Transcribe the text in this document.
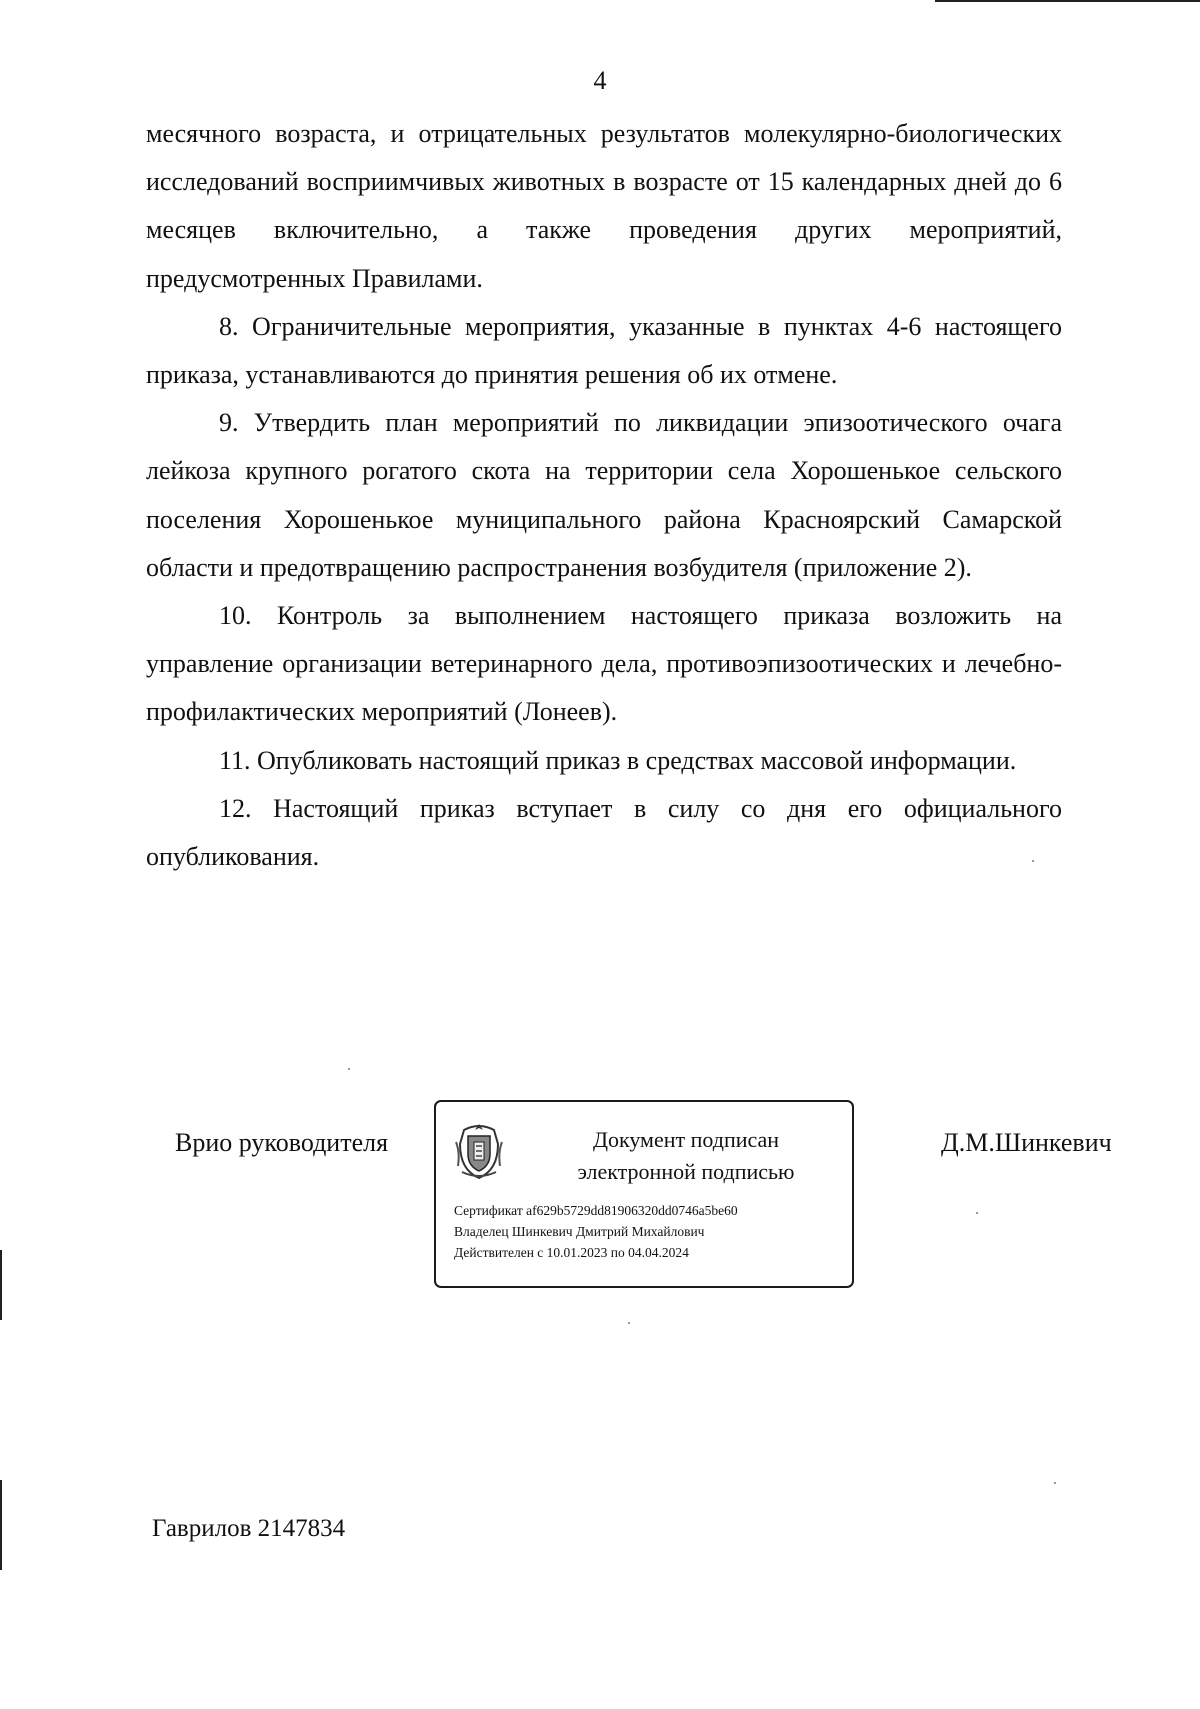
4

месячного возраста, и отрицательных результатов молекулярно-биологических исследований восприимчивых животных в возрасте от 15 календарных дней до 6 месяцев включительно, а также проведения других мероприятий, предусмотренных Правилами.

8. Ограничительные мероприятия, указанные в пунктах 4-6 настоящего приказа, устанавливаются до принятия решения об их отмене.

9. Утвердить план мероприятий по ликвидации эпизоотического очага лейкоза крупного рогатого скота на территории села Хорошенькое сельского поселения Хорошенькое муниципального района Красноярский Самарской области и предотвращению распространения возбудителя (приложение 2).

10. Контроль за выполнением настоящего приказа возложить на управление организации ветеринарного дела, противоэпизоотических и лечебно-профилактических мероприятий (Лонеев).

11. Опубликовать настоящий приказ в средствах массовой информации.

12. Настоящий приказ вступает в силу со дня его официального опубликования.

Врио руководителя	Документ подписан
электронной подписью
Сертификат af629b5729dd81906320dd0746a5be60
Владелец Шинкевич Дмитрий Михайлович
Действителен с 10.01.2023 по 04.04.2024
Д.М.Шинкевич
Гаврилов 2147834
